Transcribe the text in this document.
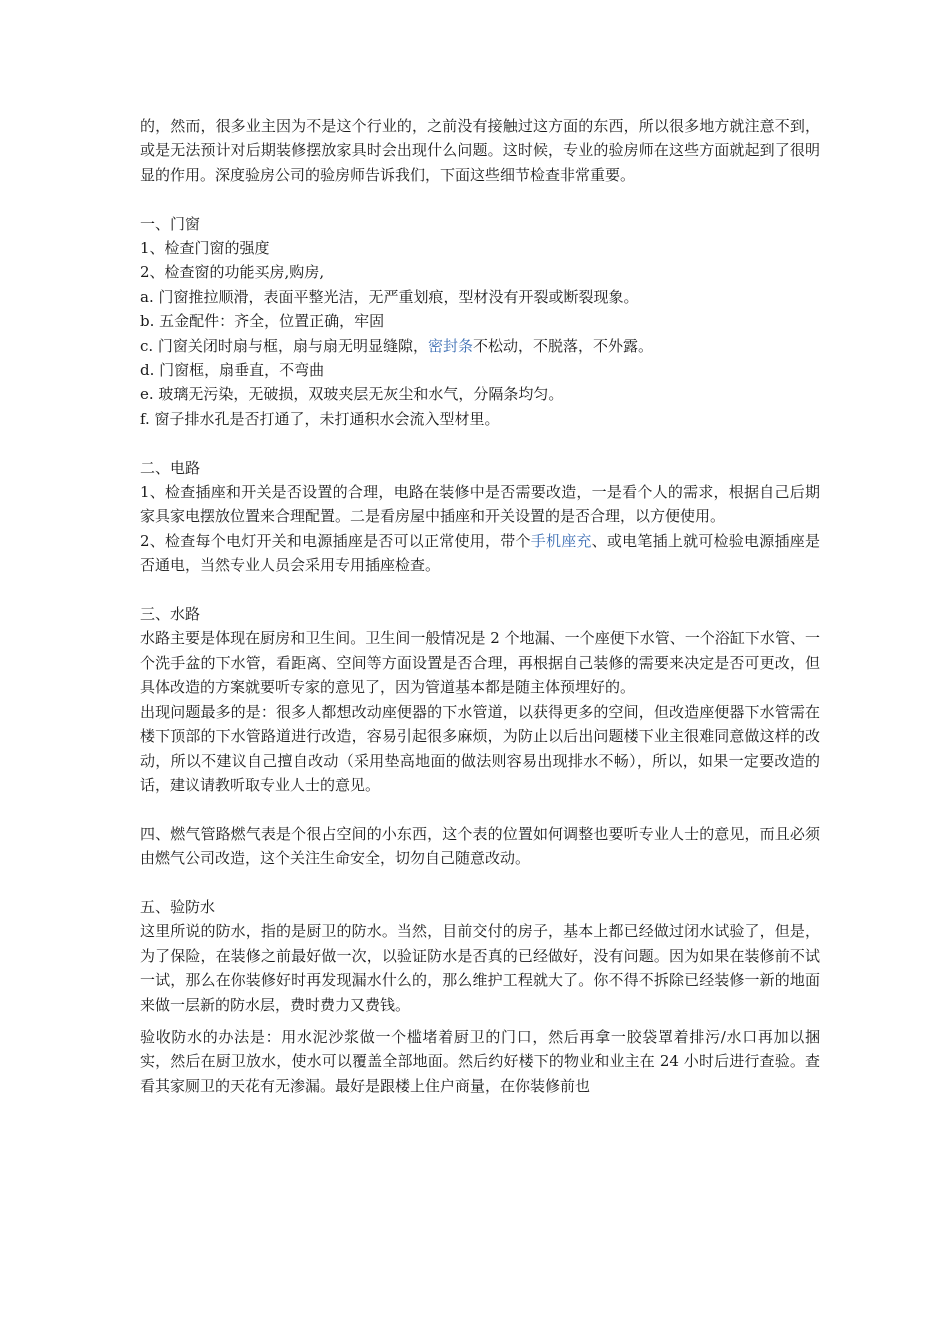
的，然而，很多业主因为不是这个行业的，之前没有接触过这方面的东西，所以很多地方就注意不到，或是无法预计对后期装修摆放家具时会出现什么问题。这时候，专业的验房师在这些方面就起到了很明显的作用。深度验房公司的验房师告诉我们，下面这些细节检查非常重要。

一、门窗

1、检查门窗的强度

2、检查窗的功能买房,购房,

a. 门窗推拉顺滑，表面平整光洁，无严重划痕，型材没有开裂或断裂现象。

b. 五金配件：齐全，位置正确，牢固

c. 门窗关闭时扇与框，扇与扇无明显缝隙，密封条不松动，不脱落，不外露。

d. 门窗框，扇垂直，不弯曲

e. 玻璃无污染，无破损，双玻夹层无灰尘和水气，分隔条均匀。

f. 窗子排水孔是否打通了，未打通积水会流入型材里。

二、电路

1、检查插座和开关是否设置的合理，电路在装修中是否需要改造，一是看个人的需求，根据自己后期家具家电摆放位置来合理配置。二是看房屋中插座和开关设置的是否合理，以方便使用。

2、检查每个电灯开关和电源插座是否可以正常使用，带个手机座充、或电笔插上就可检验电源插座是否通电，当然专业人员会采用专用插座检查。

三、水路

水路主要是体现在厨房和卫生间。卫生间一般情况是 2 个地漏、一个座便下水管、一个浴缸下水管、一个洗手盆的下水管，看距离、空间等方面设置是否合理，再根据自己装修的需要来决定是否可更改，但具体改造的方案就要听专家的意见了，因为管道基本都是随主体预埋好的。

出现问题最多的是：很多人都想改动座便器的下水管道，以获得更多的空间，但改造座便器下水管需在楼下顶部的下水管路道进行改造，容易引起很多麻烦，为防止以后出问题楼下业主很难同意做这样的改动，所以不建议自己擅自改动（采用垫高地面的做法则容易出现排水不畅），所以，如果一定要改造的话，建议请教听取专业人士的意见。

四、燃气管路燃气表是个很占空间的小东西，这个表的位置如何调整也要听专业人士的意见，而且必须由燃气公司改造，这个关注生命安全，切勿自己随意改动。

五、验防水

这里所说的防水，指的是厨卫的防水。当然，目前交付的房子，基本上都已经做过闭水试验了，但是，为了保险，在装修之前最好做一次，以验证防水是否真的已经做好，没有问题。因为如果在装修前不试一试，那么在你装修好时再发现漏水什么的，那么维护工程就大了。你不得不拆除已经装修一新的地面来做一层新的防水层，费时费力又费钱。

验收防水的办法是：用水泥沙浆做一个槛堵着厨卫的门口，然后再拿一胶袋罩着排污/水口再加以捆实，然后在厨卫放水，使水可以覆盖全部地面。然后约好楼下的物业和业主在 24 小时后进行查验。查看其家厕卫的天花有无渗漏。最好是跟楼上住户商量，在你装修前也
